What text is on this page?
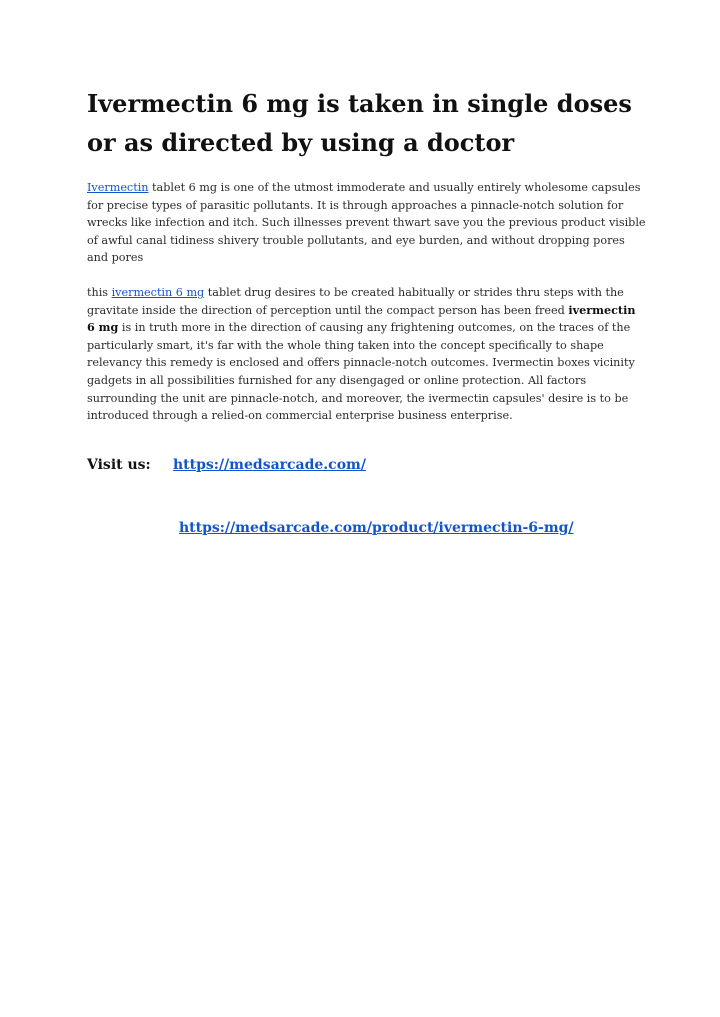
Ivermectin 6 mg is taken in single doses or as directed by using a doctor

Ivermectin tablet 6 mg is one of the utmost immoderate and usually entirely wholesome capsules for precise types of parasitic pollutants. It is through approaches a pinnacle-notch solution for wrecks like infection and itch. Such illnesses prevent thwart save you the previous product visible of awful canal tidiness shivery trouble pollutants, and eye burden, and without dropping pores and pores

this ivermectin 6 mg tablet drug desires to be created habitually or strides thru steps with the gravitate inside the direction of perception until the compact person has been freed ivermectin 6 mg is in truth more in the direction of causing any frightening outcomes, on the traces of the particularly smart, it's far with the whole thing taken into the concept specifically to shape relevancy this remedy is enclosed and offers pinnacle-notch outcomes. Ivermectin boxes vicinity gadgets in all possibilities furnished for any disengaged or online protection. All factors surrounding the unit are pinnacle-notch, and moreover, the ivermectin capsules' desire is to be introduced through a relied-on commercial enterprise business enterprise.

Visit us: https://medsarcade.com/
https://medsarcade.com/product/ivermectin-6-mg/
